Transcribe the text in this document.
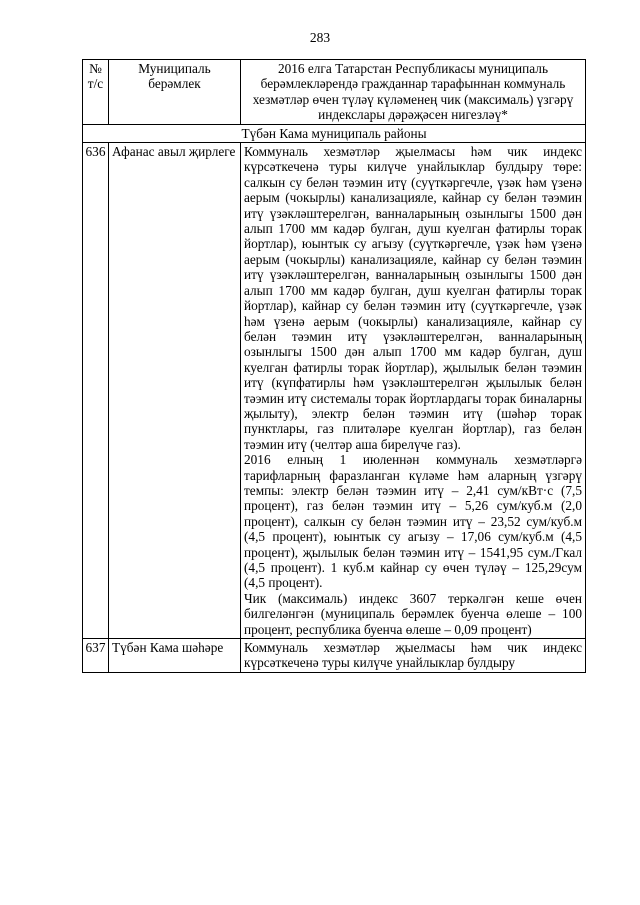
283
№ т/с	Муниципаль берәмлек	2016 елга Татарстан Республикасы муниципаль берәмлекләрендә гражданнар тарафыннан коммуналь хезмәтләр өчен түләү күләменең чик (максималь) үзгәрү индекслары дәрәҗәсен нигезләү*
Түбән Кама муниципаль районы		
636	Афанас авыл җирлеге	Коммуналь хезмәтләр җыелмасы һәм чик индекс күрсәткеченә туры килүче унайлыклар булдыру төре: салкын су белән тәэмин итү (суүткәргечле, үзәк һәм үзенә аерым (чокырлы) канализацияле, кайнар су белән тәэмин итү үзәкләштерелгән, ванналарының озынлыгы 1500 дән алып 1700 мм кадәр булган, душ куелган фатирлы торак йортлар), юынтык су агызу (суүткәргечле, үзәк һәм үзенә аерым (чокырлы) канализацияле, кайнар су белән тәэмин итү үзәкләштерелгән, ванналарының озынлыгы 1500 дән алып 1700 мм кадәр булган, душ куелган фатирлы торак йортлар), кайнар су белән тәэмин итү (суүткәргечле, үзәк һәм үзенә аерым (чокырлы) канализацияле, кайнар су белән тәэмин итү үзәкләштерелгән, ванналарының озынлыгы 1500 дән алып 1700 мм кадәр булган, душ куелган фатирлы торак йортлар), җылылык белән тәэмин итү (күпфатирлы һәм үзәкләштерелгән җылылык белән тәэмин итү системалы торак йортлардагы торак биналарны җылыту), электр белән тәэмин итү (шәһәр торак пунктлары, газ плитәләре куелган йортлар), газ белән тәэмин итү (челтәр аша бирелүче газ).

2016 елның 1 июленнән коммуналь хезмәтләргә тарифларның фаразланган күләме һәм аларның үзгәрү темпы: электр белән тәэмин итү – 2,41 сум/кВт·с (7,5 процент), газ белән тәэмин итү – 5,26 сум/куб.м (2,0 процент), салкын су белән тәэмин итү – 23,52 сум/куб.м (4,5 процент), юынтык су агызу – 17,06 сум/куб.м (4,5 процент), җылылык белән тәэмин итү – 1541,95 сум./Гкал (4,5 процент). 1 куб.м кайнар су өчен түләү – 125,29сум (4,5 процент).

Чик (максималь) индекс 3607 теркәлгән кеше өчен билгеләнгән (муниципаль берәмлек буенча өлеше – 100 процент, республика буенча өлеше – 0,09 процент)

637	Түбән Кама шәһәре	Коммуналь хезмәтләр җыелмасы һәм чик индекс күрсәткеченә туры килүче унайлыклар булдыру
